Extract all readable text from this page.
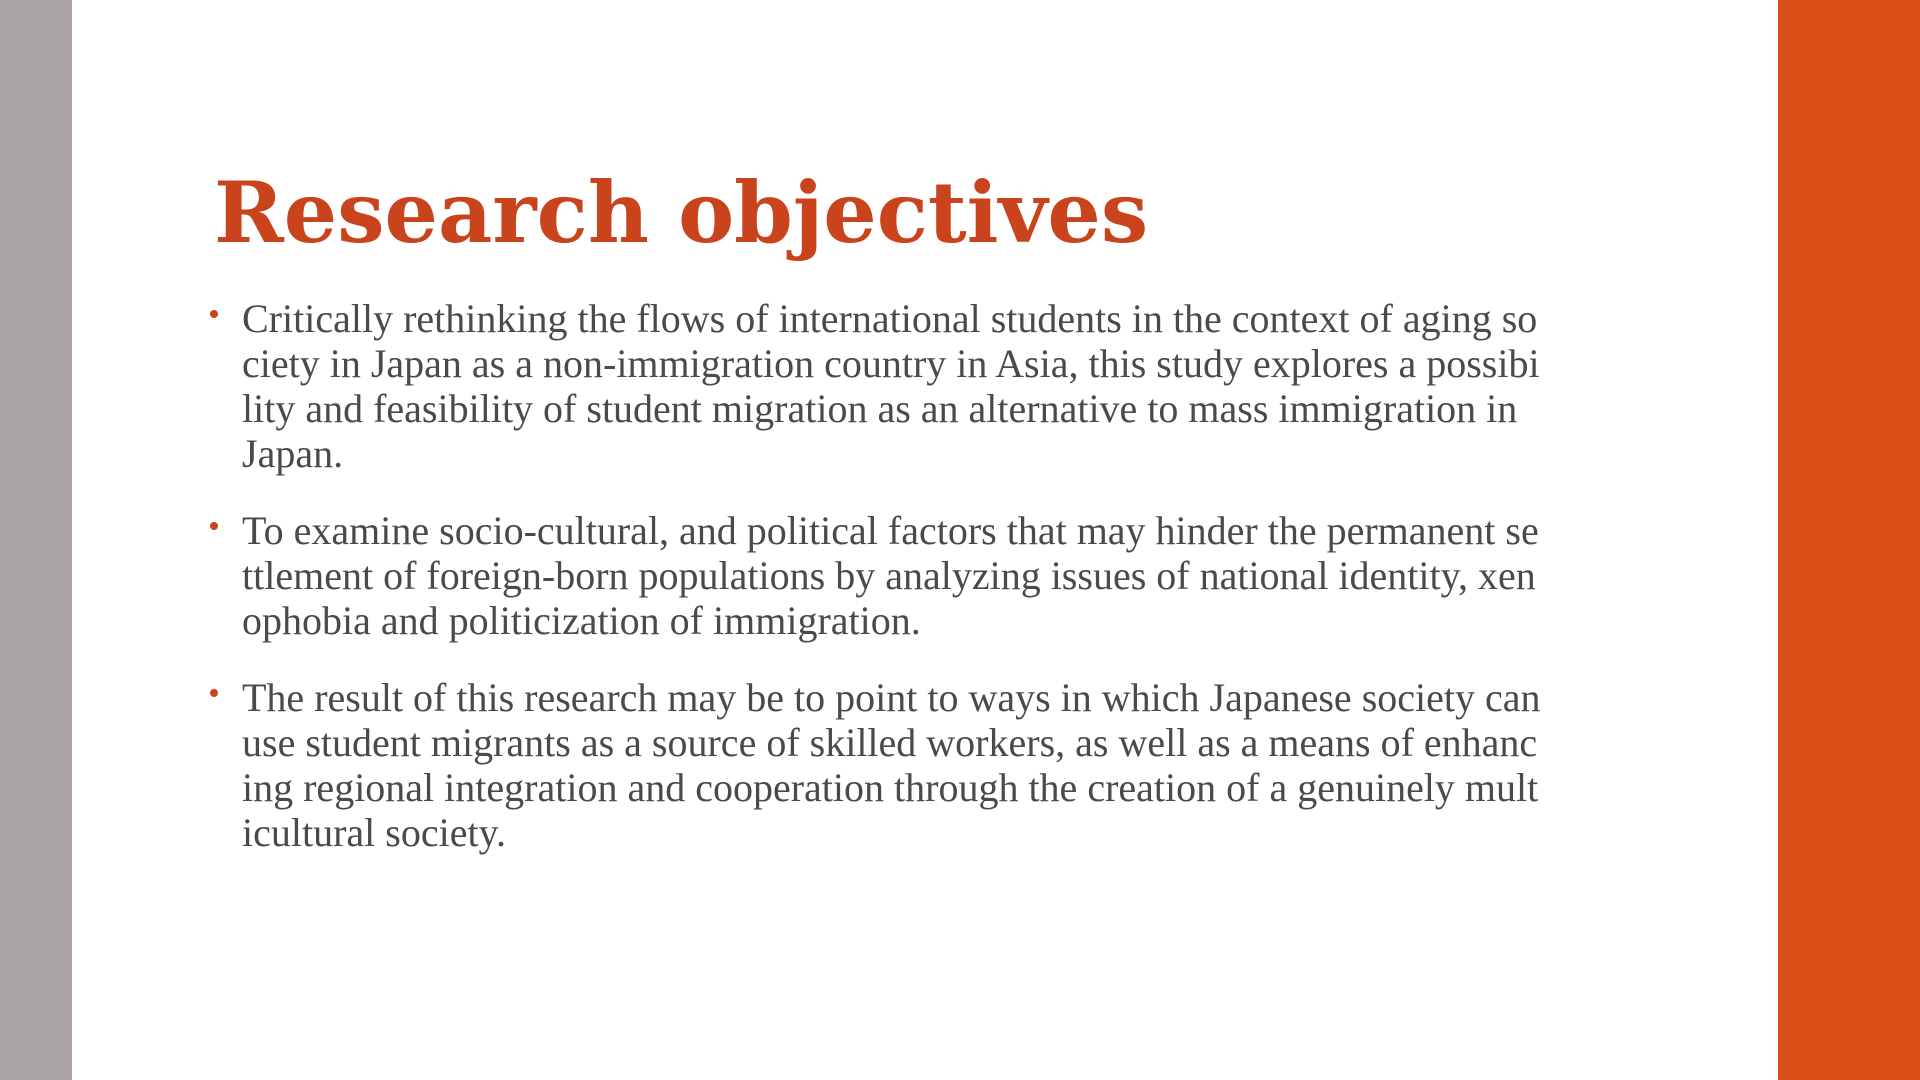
Research objectives
Critically rethinking the flows of international students in the context of aging society in Japan as a non-immigration country in Asia, this study explores a possibility and feasibility of student migration as an alternative to mass immigration in Japan.
To examine socio-cultural, and political factors that may hinder the permanent settlement of foreign-born populations by analyzing issues of national identity, xenophobia and politicization of immigration.
The result of this research may be to point to ways in which Japanese society can use student migrants as a source of skilled workers, as well as a means of enhancing regional integration and cooperation through the creation of a genuinely multicultural society.
